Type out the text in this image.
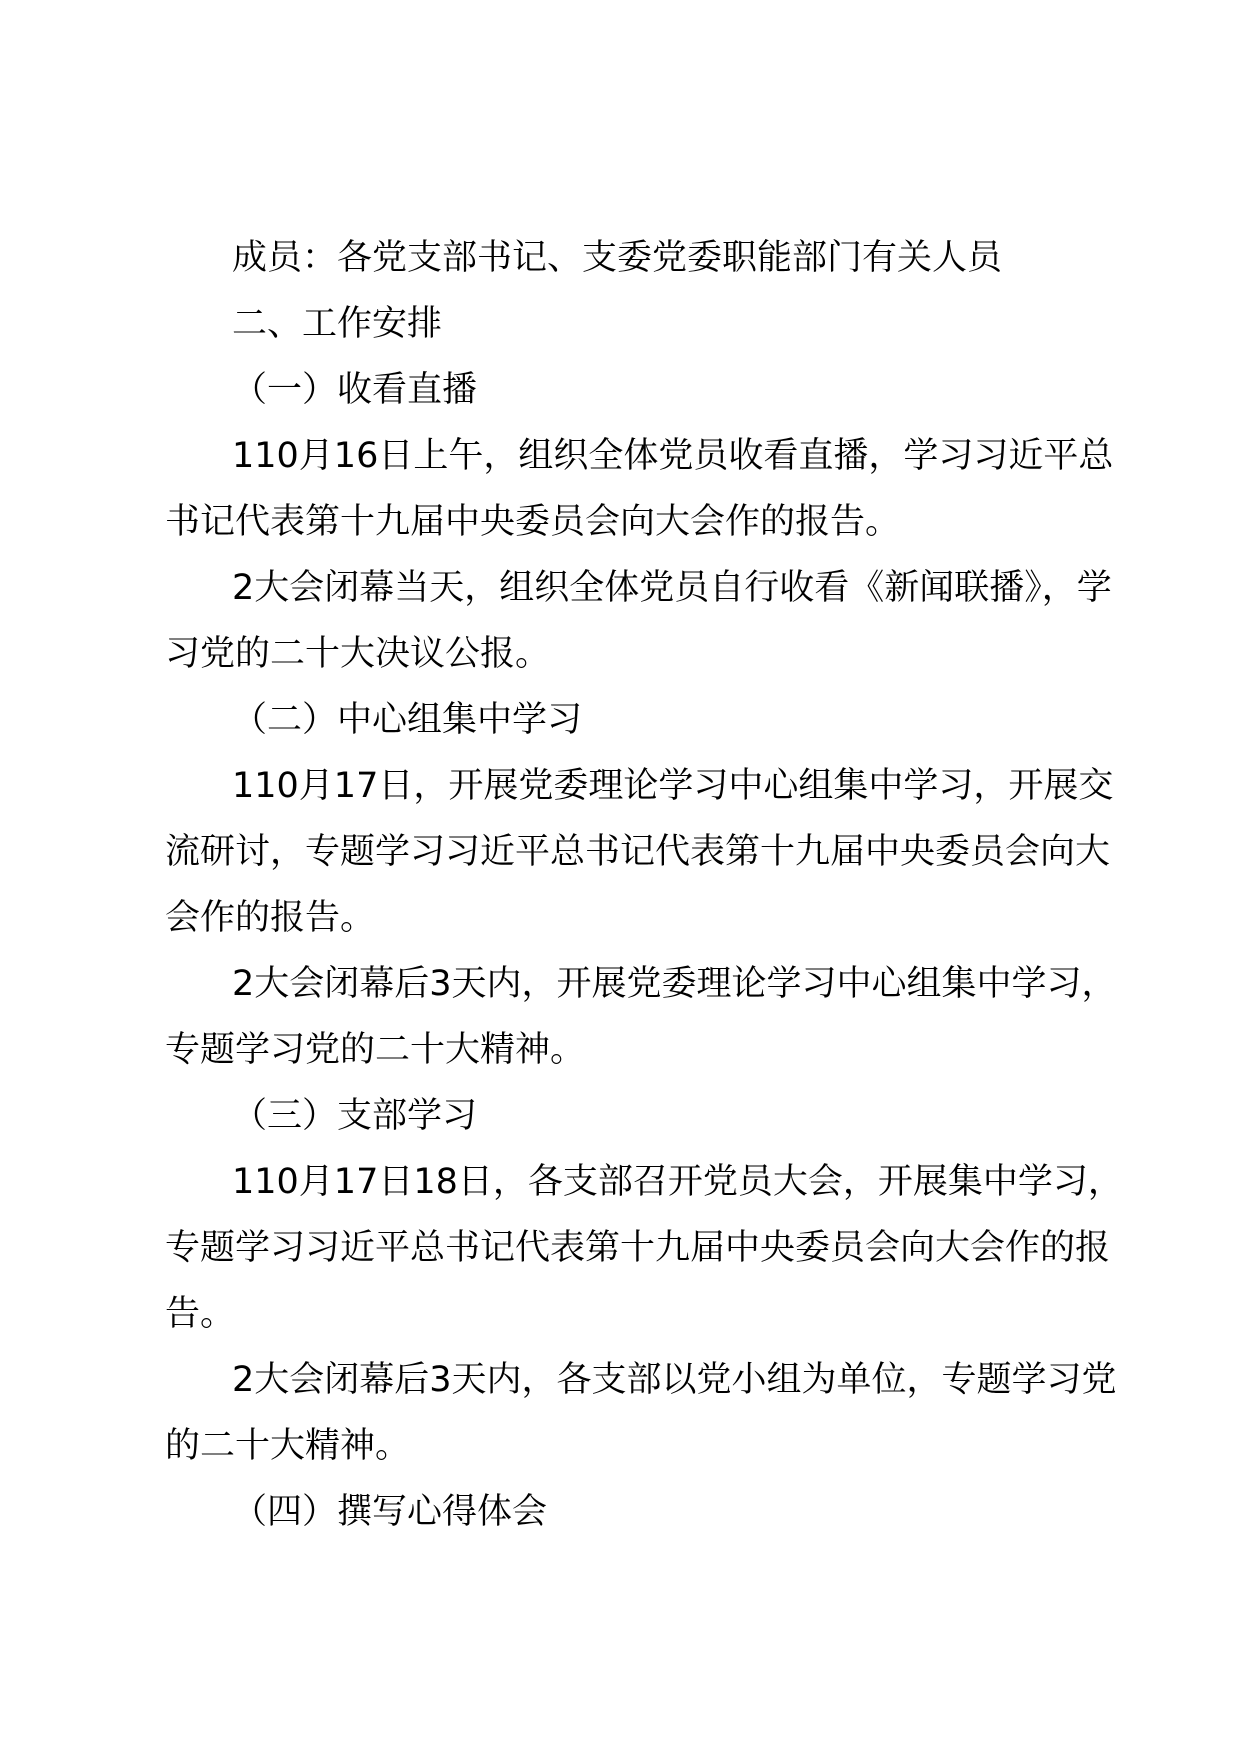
成员：各党支部书记、支委党委职能部门有关人员

二、工作安排

（一）收看直播

110月16日上午，组织全体党员收看直播，学习习近平总书记代表第十九届中央委员会向大会作的报告。

2大会闭幕当天，组织全体党员自行收看《新闻联播》，学习党的二十大决议公报。

（二）中心组集中学习

110月17日，开展党委理论学习中心组集中学习，开展交流研讨，专题学习习近平总书记代表第十九届中央委员会向大会作的报告。

2大会闭幕后3天内，开展党委理论学习中心组集中学习，专题学习党的二十大精神。

（三）支部学习

110月17日18日，各支部召开党员大会，开展集中学习，专题学习习近平总书记代表第十九届中央委员会向大会作的报告。

2大会闭幕后3天内，各支部以党小组为单位，专题学习党的二十大精神。

（四）撰写心得体会
